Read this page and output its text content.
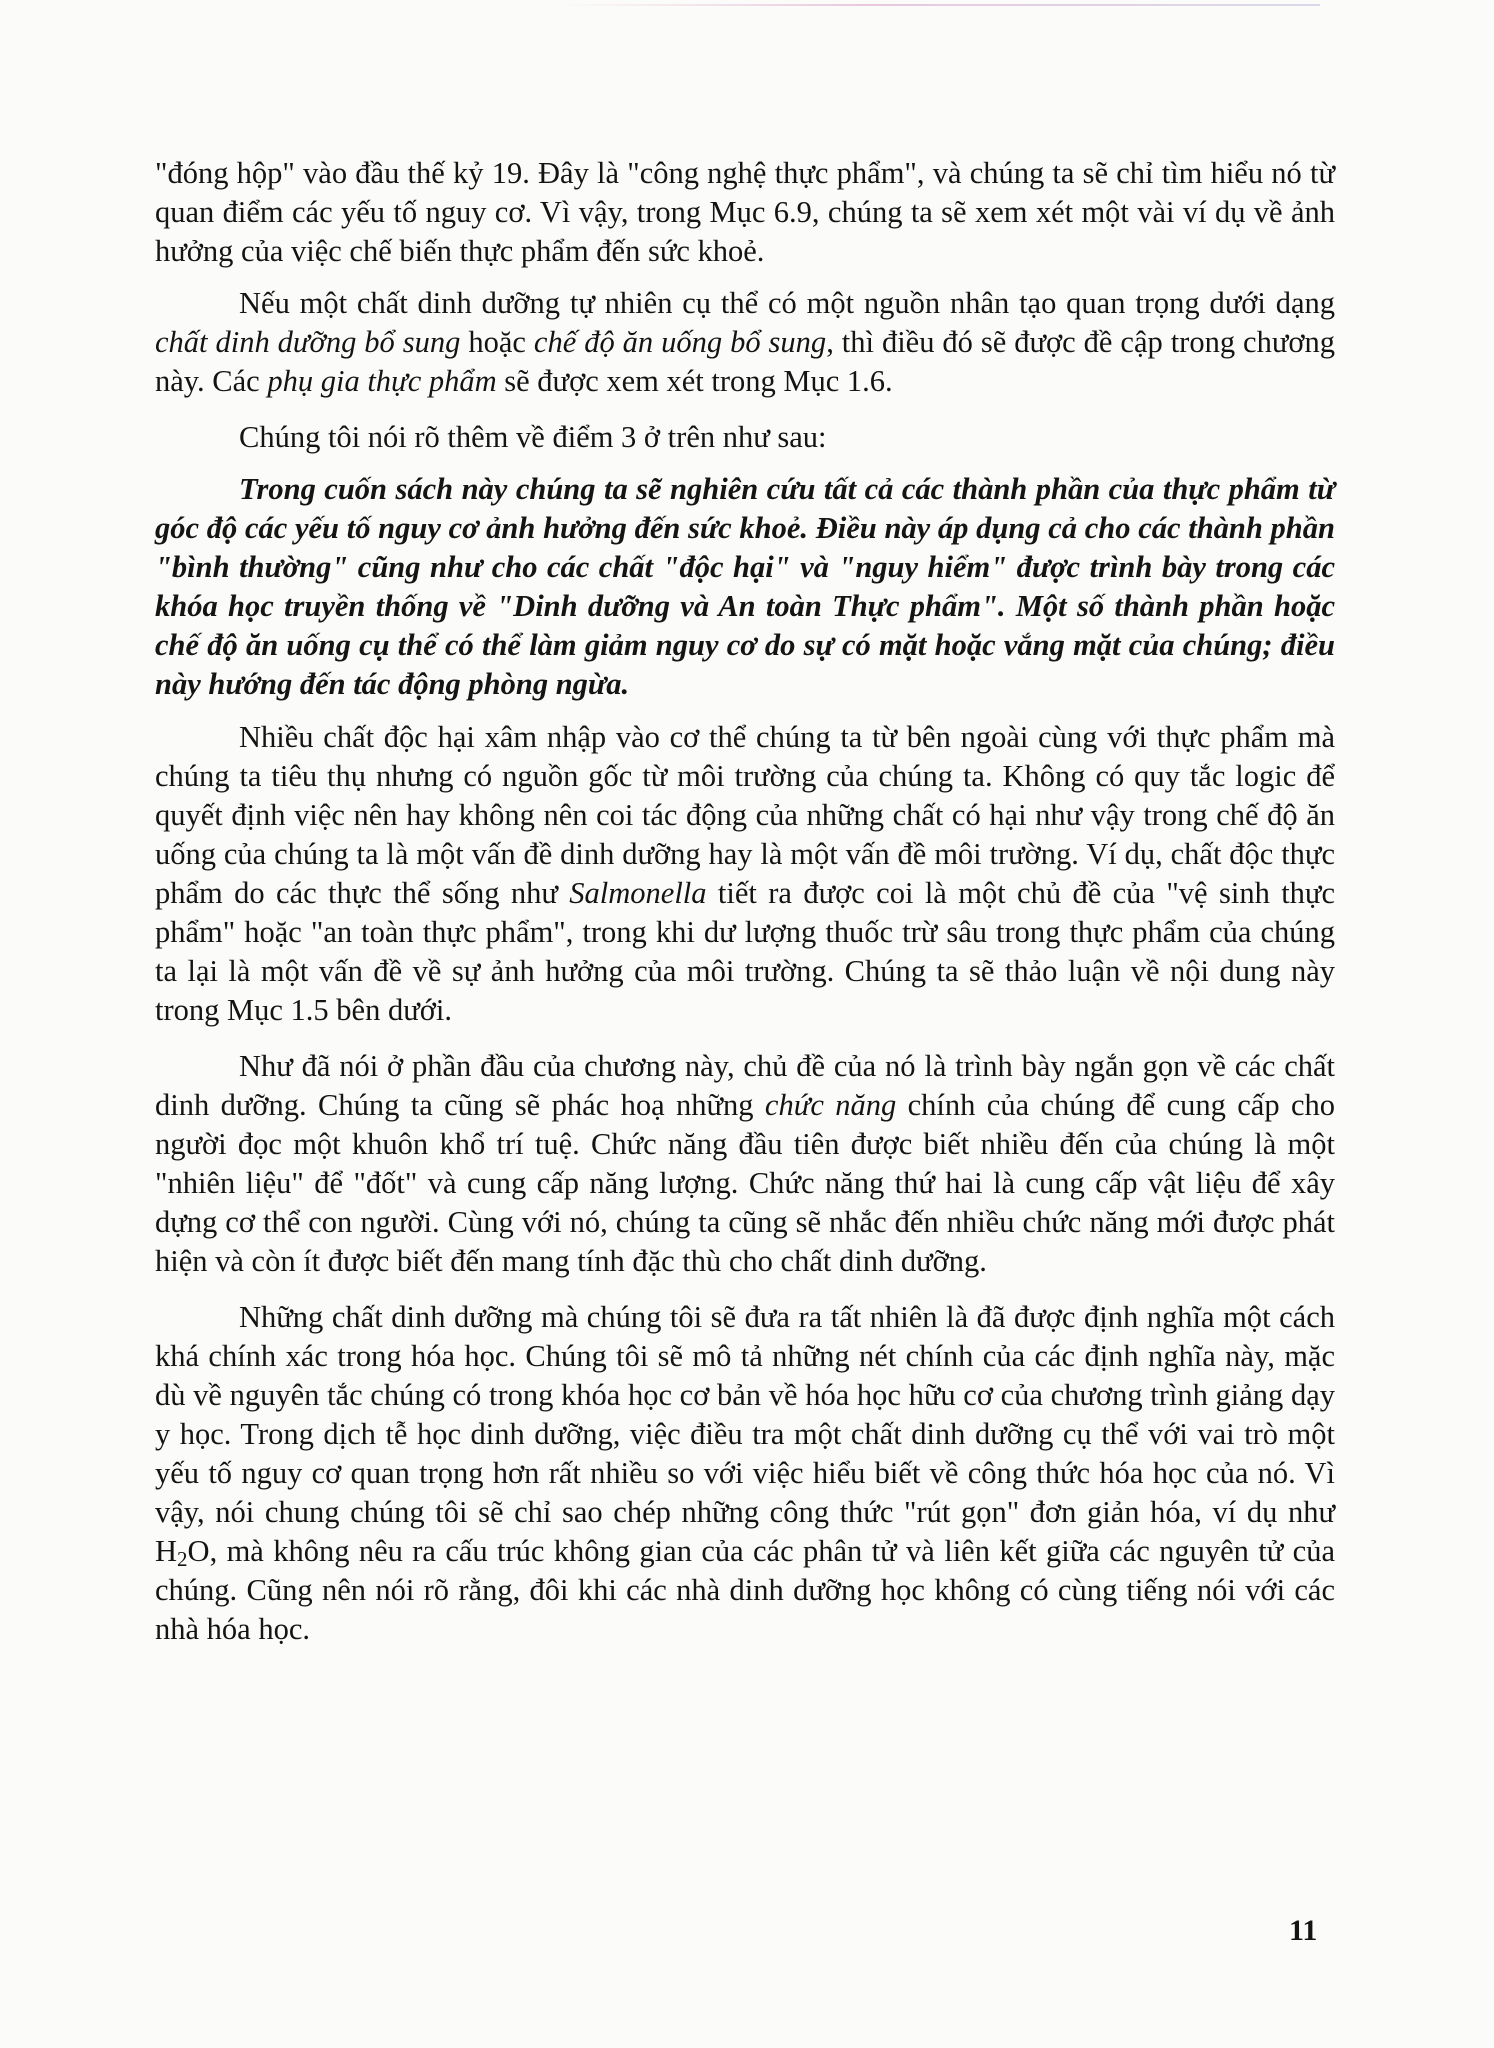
"đóng hộp" vào đầu thế kỷ 19. Đây là "công nghệ thực phẩm", và chúng ta sẽ chỉ tìm hiểu nó từ quan điểm các yếu tố nguy cơ. Vì vậy, trong Mục 6.9, chúng ta sẽ xem xét một vài ví dụ về ảnh hưởng của việc chế biến thực phẩm đến sức khoẻ.

Nếu một chất dinh dưỡng tự nhiên cụ thể có một nguồn nhân tạo quan trọng dưới dạng chất dinh dưỡng bổ sung hoặc chế độ ăn uống bổ sung, thì điều đó sẽ được đề cập trong chương này. Các phụ gia thực phẩm sẽ được xem xét trong Mục 1.6.

Chúng tôi nói rõ thêm về điểm 3 ở trên như sau:

Trong cuốn sách này chúng ta sẽ nghiên cứu tất cả các thành phần của thực phẩm từ góc độ các yếu tố nguy cơ ảnh hưởng đến sức khoẻ. Điều này áp dụng cả cho các thành phần "bình thường" cũng như cho các chất "độc hại" và "nguy hiểm" được trình bày trong các khóa học truyền thống về "Dinh dưỡng và An toàn Thực phẩm". Một số thành phần hoặc chế độ ăn uống cụ thể có thể làm giảm nguy cơ do sự có mặt hoặc vắng mặt của chúng; điều này hướng đến tác động phòng ngừa.

Nhiều chất độc hại xâm nhập vào cơ thể chúng ta từ bên ngoài cùng với thực phẩm mà chúng ta tiêu thụ nhưng có nguồn gốc từ môi trường của chúng ta. Không có quy tắc logic để quyết định việc nên hay không nên coi tác động của những chất có hại như vậy trong chế độ ăn uống của chúng ta là một vấn đề dinh dưỡng hay là một vấn đề môi trường. Ví dụ, chất độc thực phẩm do các thực thể sống như Salmonella tiết ra được coi là một chủ đề của "vệ sinh thực phẩm" hoặc "an toàn thực phẩm", trong khi dư lượng thuốc trừ sâu trong thực phẩm của chúng ta lại là một vấn đề về sự ảnh hưởng của môi trường. Chúng ta sẽ thảo luận về nội dung này trong Mục 1.5 bên dưới.

Như đã nói ở phần đầu của chương này, chủ đề của nó là trình bày ngắn gọn về các chất dinh dưỡng. Chúng ta cũng sẽ phác hoạ những chức năng chính của chúng để cung cấp cho người đọc một khuôn khổ trí tuệ. Chức năng đầu tiên được biết nhiều đến của chúng là một "nhiên liệu" để "đốt" và cung cấp năng lượng. Chức năng thứ hai là cung cấp vật liệu để xây dựng cơ thể con người. Cùng với nó, chúng ta cũng sẽ nhắc đến nhiều chức năng mới được phát hiện và còn ít được biết đến mang tính đặc thù cho chất dinh dưỡng.

Những chất dinh dưỡng mà chúng tôi sẽ đưa ra tất nhiên là đã được định nghĩa một cách khá chính xác trong hóa học. Chúng tôi sẽ mô tả những nét chính của các định nghĩa này, mặc dù về nguyên tắc chúng có trong khóa học cơ bản về hóa học hữu cơ của chương trình giảng dạy y học. Trong dịch tễ học dinh dưỡng, việc điều tra một chất dinh dưỡng cụ thể với vai trò một yếu tố nguy cơ quan trọng hơn rất nhiều so với việc hiểu biết về công thức hóa học của nó. Vì vậy, nói chung chúng tôi sẽ chỉ sao chép những công thức "rút gọn" đơn giản hóa, ví dụ như $H_2O$, mà không nêu ra cấu trúc không gian của các phân tử và liên kết giữa các nguyên tử của chúng. Cũng nên nói rõ rằng, đôi khi các nhà dinh dưỡng học không có cùng tiếng nói với các nhà hóa học.

11
